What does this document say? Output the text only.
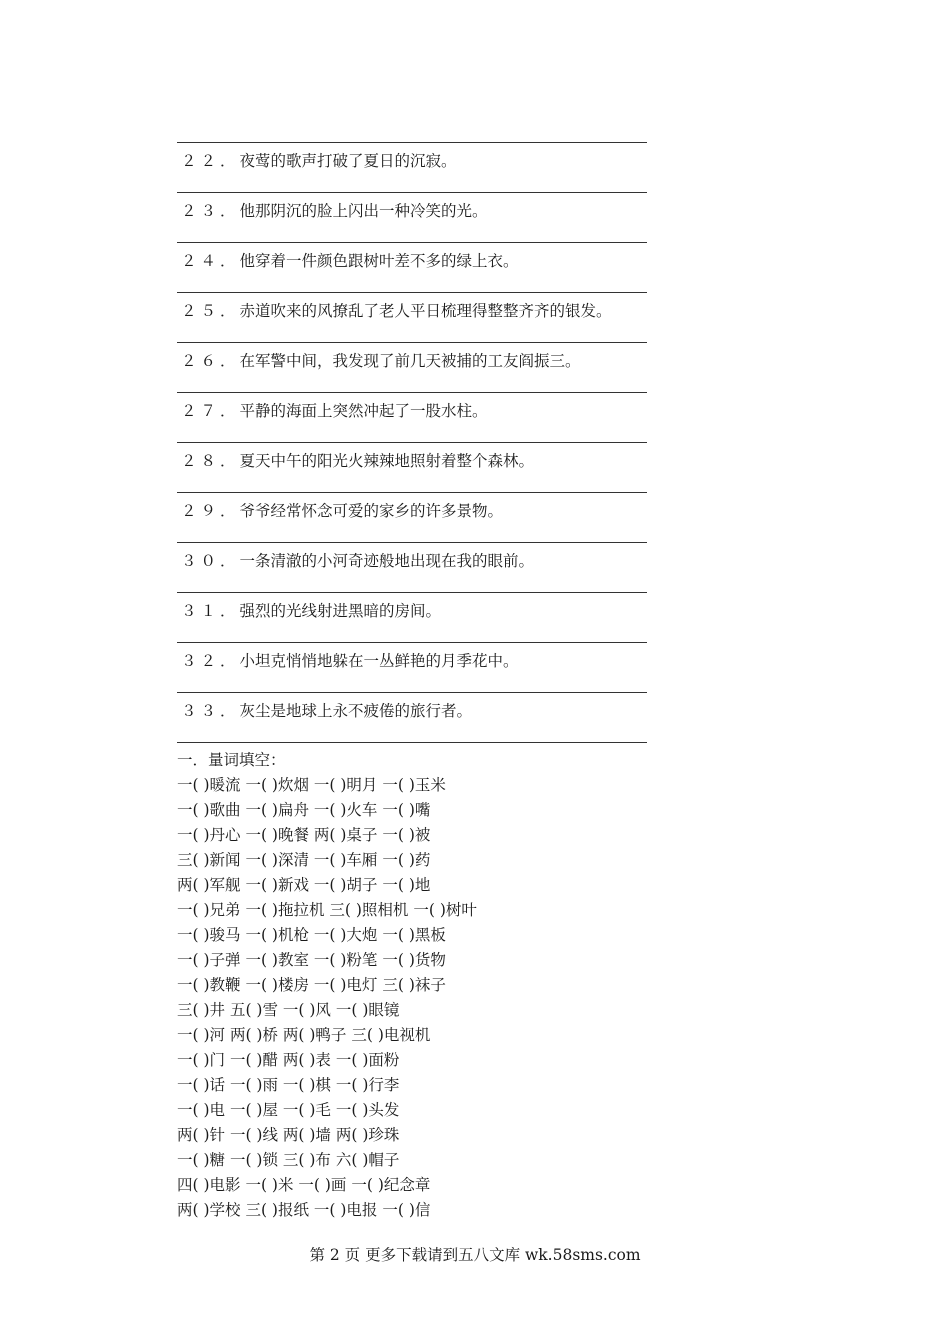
２２．夜莺的歌声打破了夏日的沉寂。
２３．他那阴沉的脸上闪出一种冷笑的光。
２４．他穿着一件颜色跟树叶差不多的绿上衣。
２５．赤道吹来的风撩乱了老人平日梳理得整整齐齐的银发。
２６．在军警中间，我发现了前几天被捕的工友阎振三。
２７．平静的海面上突然冲起了一股水柱。
２８．夏天中午的阳光火辣辣地照射着整个森林。
２９．爷爷经常怀念可爱的家乡的许多景物。
３０．一条清澈的小河奇迹般地出现在我的眼前。
３１．强烈的光线射进黑暗的房间。
３２．小坦克悄悄地躲在一丛鲜艳的月季花中。
３３．灰尘是地球上永不疲倦的旅行者。
一．量词填空：
一( )暖流 一( )炊烟 一( )明月 一( )玉米
一( )歌曲 一( )扁舟 一( )火车 一( )嘴
一( )丹心 一( )晚餐 两( )桌子 一( )被
三( )新闻 一( )深清 一( )车厢 一( )药
两( )军舰 一( )新戏 一( )胡子 一( )地
一( )兄弟 一( )拖拉机 三( )照相机 一( )树叶
一( )骏马 一( )机枪 一( )大炮 一( )黑板
一( )子弹 一( )教室 一( )粉笔 一( )货物
一( )教鞭 一( )楼房 一( )电灯 三( )袜子
三( )井 五( )雪 一( )风 一( )眼镜
一( )河 两( )桥 两( )鸭子 三( )电视机
一( )门 一( )醋 两( )表 一( )面粉
一( )话 一( )雨 一( )棋 一( )行李
一( )电 一( )屋 一( )毛 一( )头发
两( )针 一( )线 两( )墙 两( )珍珠
一( )糖 一( )锁 三( )布 六( )帽子
四( )电影 一( )米 一( )画 一( )纪念章
两( )学校 三( )报纸 一( )电报 一( )信
第 2 页 更多下载请到五八文库 wk.58sms.com
